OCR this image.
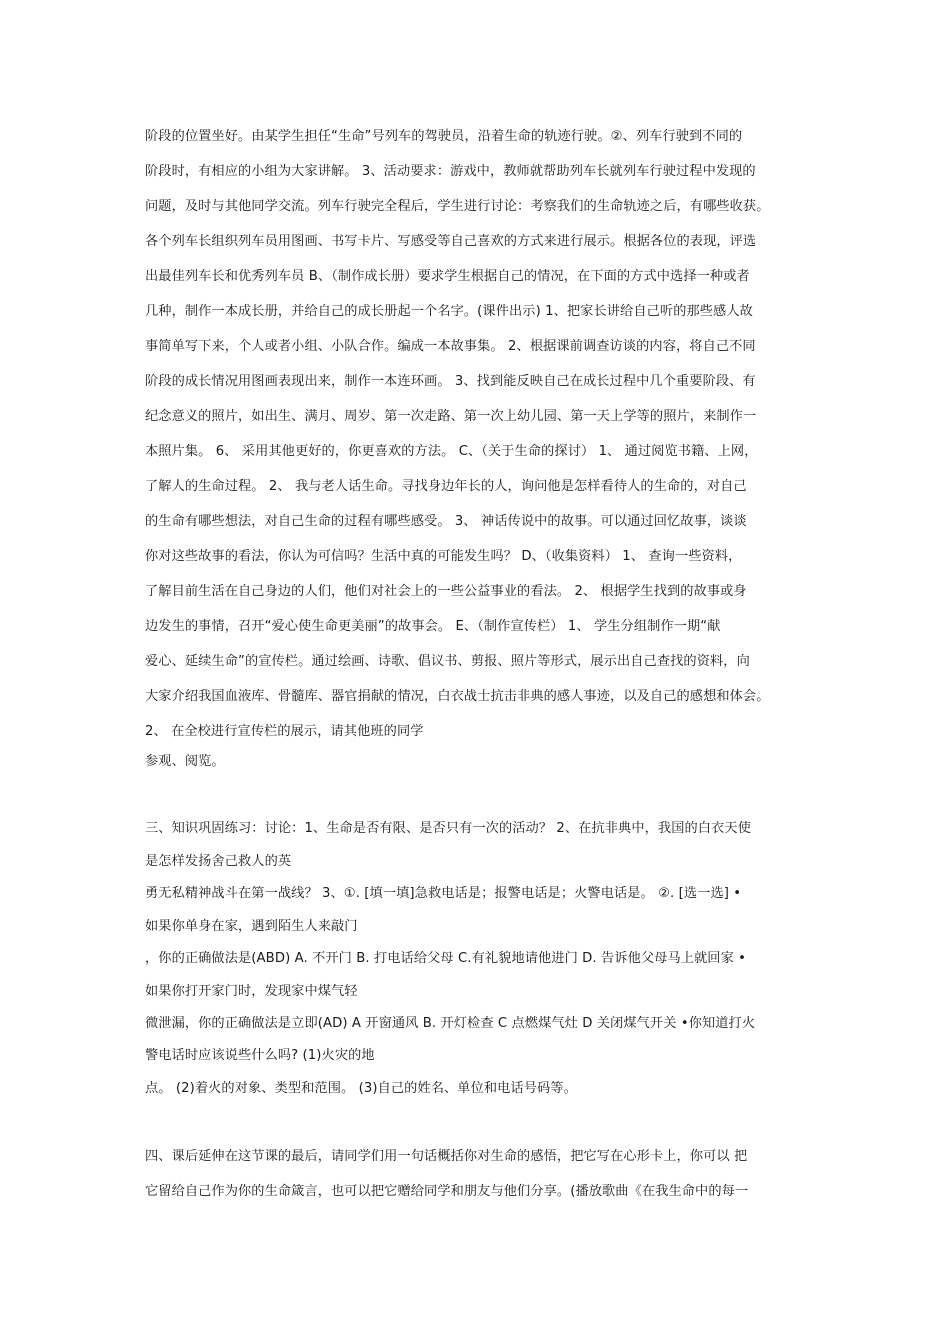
阶段的位置坐好。由某学生担任“生命”号列车的驾驶员，沿着生命的轨迹行驶。②、列车行驶到不同的
阶段时，有相应的小组为大家讲解。 3、活动要求：游戏中，教师就帮助列车长就列车行驶过程中发现的
问题，及时与其他同学交流。列车行驶完全程后，学生进行讨论：考察我们的生命轨迹之后，有哪些收获。
各个列车长组织列车员用图画、书写卡片、写感受等自己喜欢的方式来进行展示。根据各位的表现，评选
出最佳列车长和优秀列车员 B、（制作成长册）要求学生根据自己的情况，在下面的方式中选择一种或者
几种，制作一本成长册，并给自己的成长册起一个名字。(课件出示) 1、把家长讲给自己听的那些感人故
事简单写下来，个人或者小组、小队合作。编成一本故事集。 2、根据课前调查访谈的内容，将自己不同
阶段的成长情况用图画表现出来，制作一本连环画。 3、找到能反映自己在成长过程中几个重要阶段、有
纪念意义的照片，如出生、满月、周岁、第一次走路、第一次上幼儿园、第一天上学等的照片，来制作一
本照片集。 6、 采用其他更好的，你更喜欢的方法。 C、（关于生命的探讨） 1、 通过阅览书籍、上网，
了解人的生命过程。 2、 我与老人话生命。寻找身边年长的人，询问他是怎样看待人的生命的，对自己
的生命有哪些想法，对自己生命的过程有哪些感受。 3、 神话传说中的故事。可以通过回忆故事，谈谈
你对这些故事的看法，你认为可信吗？生活中真的可能发生吗？ D、（收集资料） 1、 查询一些资料，
了解目前生活在自己身边的人们，他们对社会上的一些公益事业的看法。 2、 根据学生找到的故事或身
边发生的事情，召开“爱心使生命更美丽”的故事会。 E、（制作宣传栏） 1、 学生分组制作一期“献
爱心、延续生命”的宣传栏。通过绘画、诗歌、倡议书、剪报、照片等形式，展示出自己查找的资料，向
大家介绍我国血液库、骨髓库、器官捐献的情况，白衣战士抗击非典的感人事迹，以及自己的感想和体会。
2、 在全校进行宣传栏的展示，请其他班的同学
参观、阅览。
三、知识巩固练习：讨论：1、生命是否有限、是否只有一次的活动？ 2、在抗非典中，我国的白衣天使
是怎样发扬舍己救人的英
勇无私精神战斗在第一战线？ 3、①. [填一填]急救电话是；报警电话是；火警电话是。 ②. [选一选] •
如果你单身在家，遇到陌生人来敲门
，你的正确做法是(ABD) A. 不开门 B. 打电话给父母 C.有礼貌地请他进门 D. 告诉他父母马上就回家 •
如果你打开家门时，发现家中煤气轻
微泄漏，你的正确做法是立即(AD) A 开窗通风 B. 开灯检查 C 点燃煤气灶 D 关闭煤气开关 •你知道打火
警电话时应该说些什么吗? (1)火灾的地
点。 (2)着火的对象、类型和范围。 (3)自己的姓名、单位和电话号码等。
四、课后延伸在这节课的最后，请同学们用一句话概括你对生命的感悟，把它写在心形卡上，你可以 把
它留给自己作为你的生命箴言，也可以把它赠给同学和朋友与他们分享。(播放歌曲《在我生命中的每一
